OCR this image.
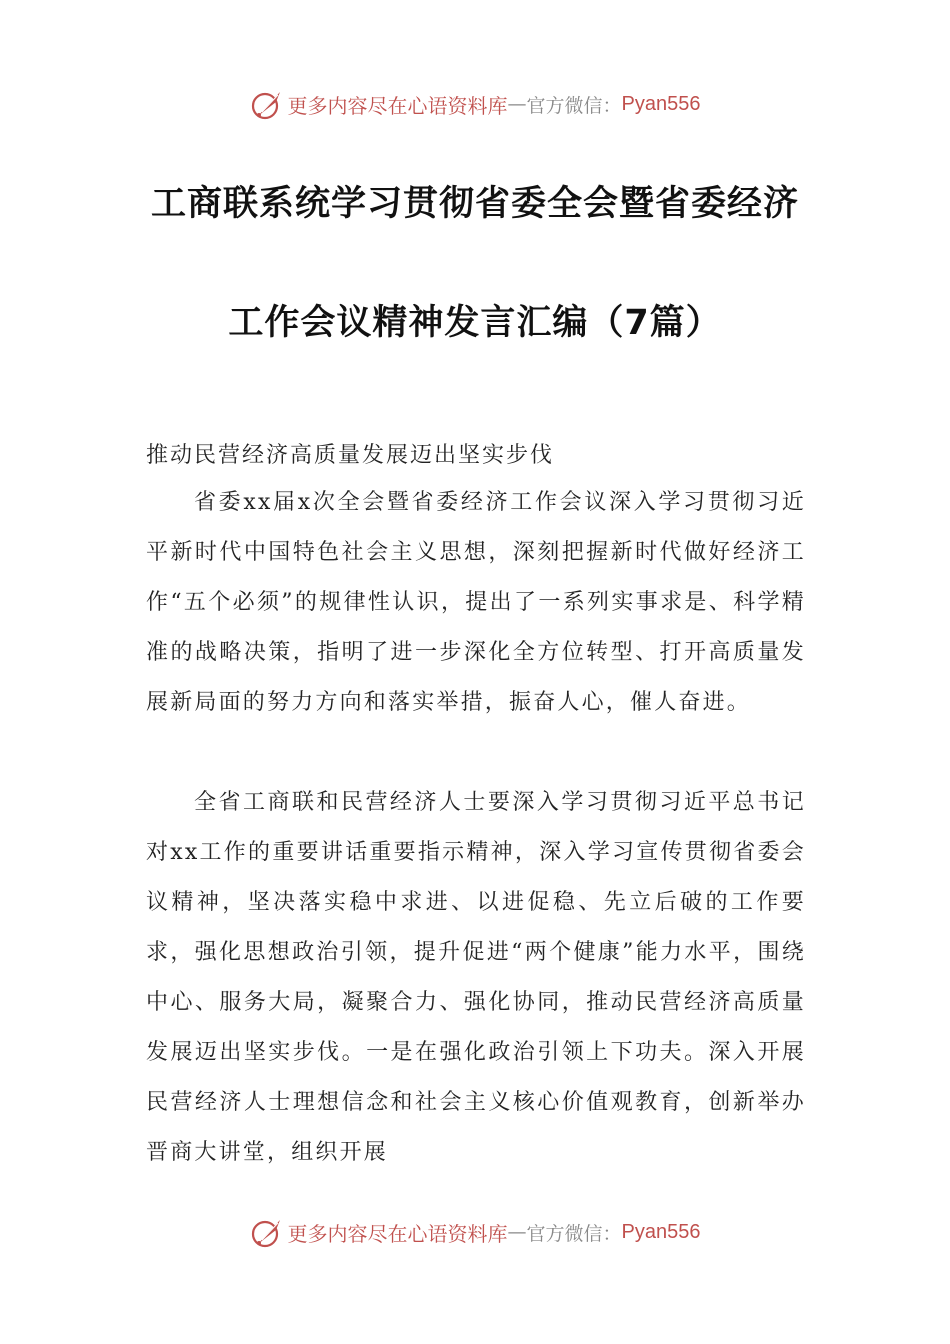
更多内容尽在心语资料库 — 官方微信： Pyan556
工商联系统学习贯彻省委全会暨省委经济
工作会议精神发言汇编（7篇）

推动民营经济高质量发展迈出坚实步伐

省委xx届x次全会暨省委经济工作会议深入学习贯彻习近平新时代中国特色社会主义思想，深刻把握新时代做好经济工作“五个必须”的规律性认识，提出了一系列实事求是、科学精准的战略决策，指明了进一步深化全方位转型、打开高质量发展新局面的努力方向和落实举措，振奋人心，催人奋进。

全省工商联和民营经济人士要深入学习贯彻习近平总书记对xx工作的重要讲话重要指示精神，深入学习宣传贯彻省委会议精神，坚决落实稳中求进、以进促稳、先立后破的工作要求，强化思想政治引领，提升促进“两个健康”能力水平，围绕中心、服务大局，凝聚合力、强化协同，推动民营经济高质量发展迈出坚实步伐。一是在强化政治引领上下功夫。深入开展民营经济人士理想信念和社会主义核心价值观教育，创新举办晋商大讲堂，组织开展

更多内容尽在心语资料库 — 官方微信： Pyan556
